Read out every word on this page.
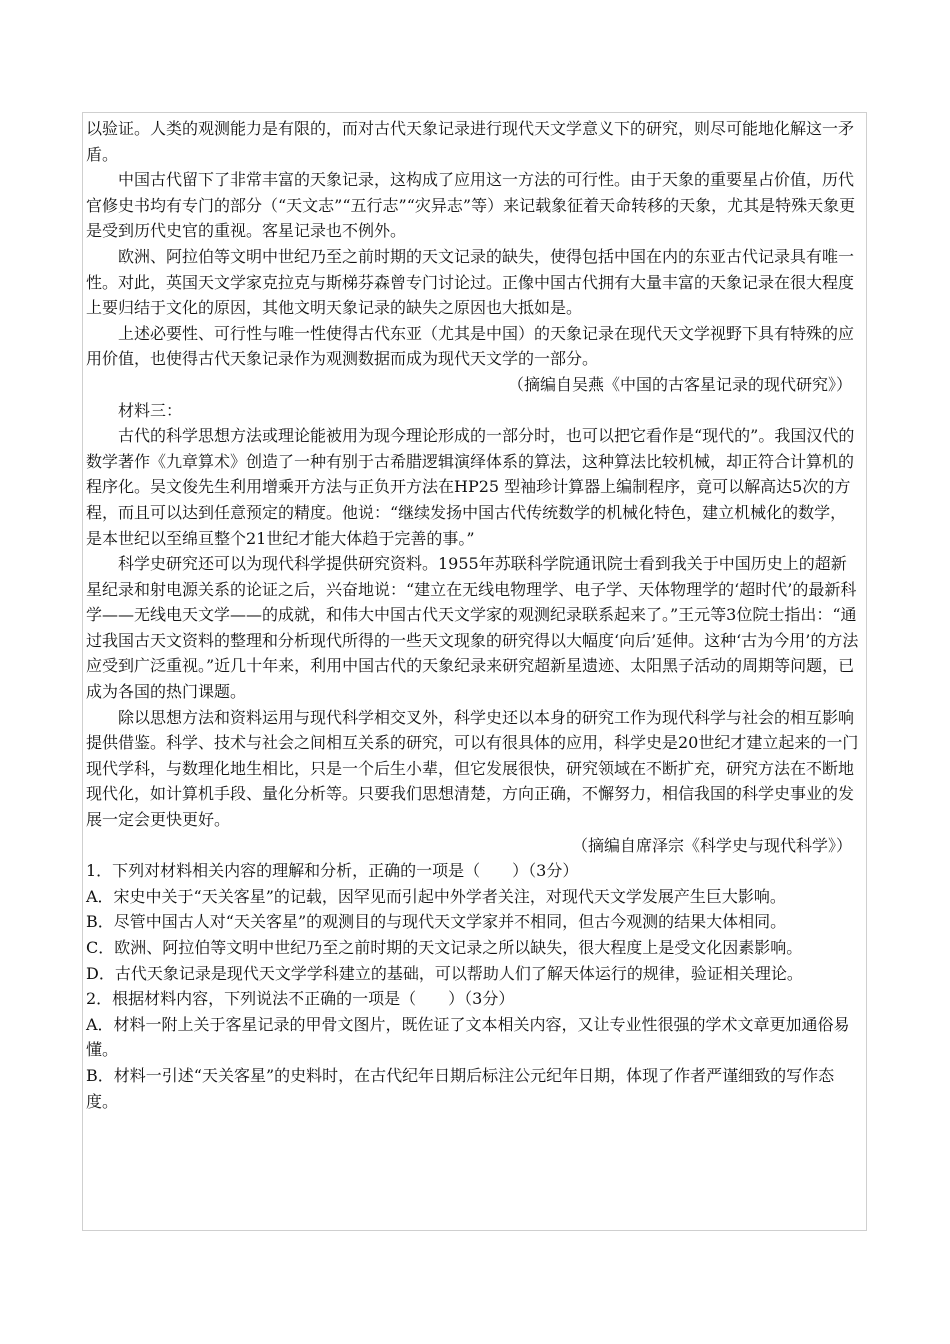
以验证。人类的观测能力是有限的，而对古代天象记录进行现代天文学意义下的研究，则尽可能地化解这一矛盾。

中国古代留下了非常丰富的天象记录，这构成了应用这一方法的可行性。由于天象的重要星占价值，历代官修史书均有专门的部分（“天文志”“五行志”“灾异志”等）来记载象征着天命转移的天象，尤其是特殊天象更是受到历代史官的重视。客星记录也不例外。

欧洲、阿拉伯等文明中世纪乃至之前时期的天文记录的缺失，使得包括中国在内的东亚古代记录具有唯一性。对此，英国天文学家克拉克与斯梯芬森曾专门讨论过。正像中国古代拥有大量丰富的天象记录在很大程度上要归结于文化的原因，其他文明天象记录的缺失之原因也大抵如是。

上述必要性、可行性与唯一性使得古代东亚（尤其是中国）的天象记录在现代天文学视野下具有特殊的应用价值，也使得古代天象记录作为观测数据而成为现代天文学的一部分。

（摘编自吴燕《中国的古客星记录的现代研究》）

材料三：

古代的科学思想方法或理论能被用为现今理论形成的一部分时，也可以把它看作是“现代的”。我国汉代的数学著作《九章算术》创造了一种有别于古希腊逻辑演绎体系的算法，这种算法比较机械，却正符合计算机的程序化。吴文俊先生利用增乘开方法与正负开方法在HP25 型袖珍计算器上编制程序，竟可以解高达5次的方程，而且可以达到任意预定的精度。他说：“继续发扬中国古代传统数学的机械化特色，建立机械化的数学，是本世纪以至绵亘整个21世纪才能大体趋于完善的事。”

科学史研究还可以为现代科学提供研究资料。1955年苏联科学院通讯院士看到我关于中国历史上的超新星纪录和射电源关系的论证之后，兴奋地说：“建立在无线电物理学、电子学、天体物理学的‘超时代’的最新科学——无线电天文学——的成就，和伟大中国古代天文学家的观测纪录联系起来了。”王元等3位院士指出：“通过我国古天文资料的整理和分析现代所得的一些天文现象的研究得以大幅度‘向后’延伸。这种‘古为今用’的方法应受到广泛重视。”近几十年来，利用中国古代的天象纪录来研究超新星遗迹、太阳黑子活动的周期等问题，已成为各国的热门课题。

除以思想方法和资料运用与现代科学相交叉外，科学史还以本身的研究工作为现代科学与社会的相互影响提供借鉴。科学、技术与社会之间相互关系的研究，可以有很具体的应用，科学史是20世纪才建立起来的一门现代学科，与数理化地生相比，只是一个后生小辈，但它发展很快，研究领域在不断扩充，研究方法在不断地现代化，如计算机手段、量化分析等。只要我们思想清楚，方向正确，不懈努力，相信我国的科学史事业的发展一定会更快更好。

（摘编自席泽宗《科学史与现代科学》）

1．下列对材料相关内容的理解和分析，正确的一项是（　　）（3分）

A．宋史中关于“天关客星”的记载，因罕见而引起中外学者关注，对现代天文学发展产生巨大影响。

B．尽管中国古人对“天关客星”的观测目的与现代天文学家并不相同，但古今观测的结果大体相同。

C．欧洲、阿拉伯等文明中世纪乃至之前时期的天文记录之所以缺失，很大程度上是受文化因素影响。

D．古代天象记录是现代天文学学科建立的基础，可以帮助人们了解天体运行的规律，验证相关理论。

2．根据材料内容，下列说法不正确的一项是（　　）（3分）

A．材料一附上关于客星记录的甲骨文图片，既佐证了文本相关内容，又让专业性很强的学术文章更加通俗易懂。

B．材料一引述“天关客星”的史料时，在古代纪年日期后标注公元纪年日期，体现了作者严谨细致的写作态度。
